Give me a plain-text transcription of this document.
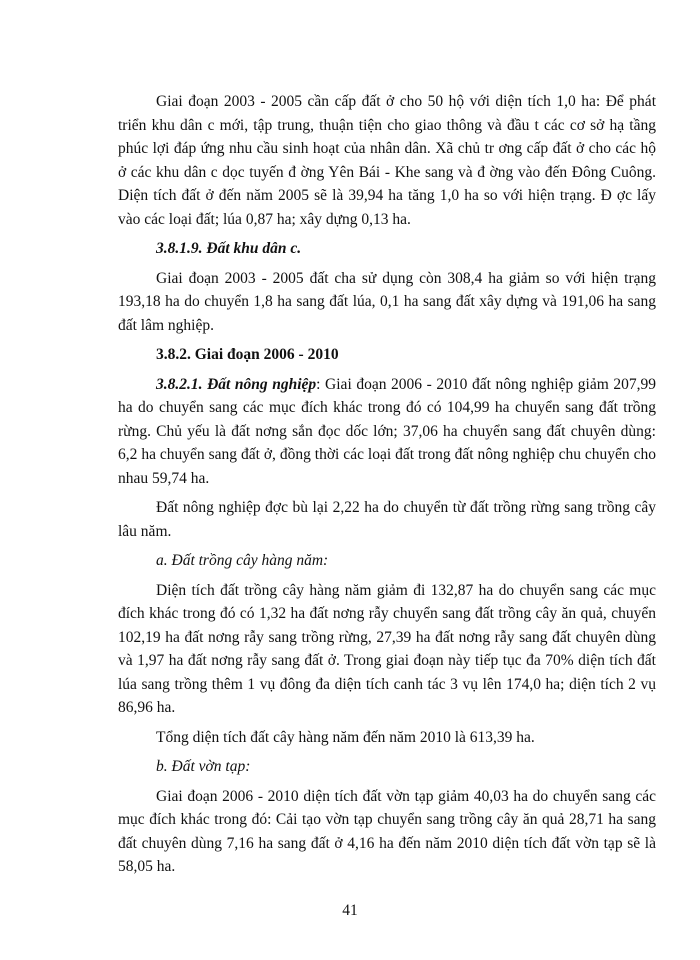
Giai đoạn 2003 - 2005 cần cấp đất ở cho 50 hộ với diện tích 1,0 ha: Để phát triển khu dân c mới, tập trung, thuận tiện cho giao thông và đầu t các cơ sở hạ tầng phúc lợi đáp ứng nhu cầu sinh hoạt của nhân dân. Xã chủ tr ơng cấp đất ở cho các hộ ở các khu dân c dọc tuyến đ ờng Yên Bái - Khe sang và đ ờng vào đến Đông Cuông. Diện tích đất ở đến năm 2005 sẽ là 39,94 ha tăng 1,0 ha so với hiện trạng. Đ ợc lấy vào các loại đất; lúa 0,87 ha; xây dựng 0,13 ha.

3.8.1.9. Đất khu dân c.

Giai đoạn 2003 - 2005 đất cha sử dụng còn 308,4 ha giảm so với hiện trạng 193,18 ha do chuyển 1,8 ha sang đất lúa, 0,1 ha sang đất xây dựng và 191,06 ha sang đất lâm nghiệp.

3.8.2. Giai đoạn 2006 - 2010

3.8.2.1. Đất nông nghiệp: Giai đoạn 2006 - 2010 đất nông nghiệp giảm 207,99 ha do chuyển sang các mục đích khác trong đó có 104,99 ha chuyển sang đất trồng rừng. Chủ yếu là đất nơng sắn đọc dốc lớn; 37,06 ha chuyển sang đất chuyên dùng: 6,2 ha chuyển sang đất ở, đồng thời các loại đất trong đất nông nghiệp chu chuyển cho nhau 59,74 ha.

Đất nông nghiệp đợc bù lại 2,22 ha do chuyển từ đất trồng rừng sang trồng cây lâu năm.

a. Đất trồng cây hàng năm:

Diện tích đất trồng cây hàng năm giảm đi 132,87 ha do chuyển sang các mục đích khác trong đó có 1,32 ha đất nơng rẫy chuyển sang đất trồng cây ăn quả, chuyển 102,19 ha đất nơng rẫy sang trồng rừng, 27,39 ha đất nơng rẫy sang đất chuyên dùng và 1,97 ha đất nơng rẫy sang đất ở. Trong giai đoạn này tiếp tục đa 70% diện tích đất lúa sang trồng thêm 1 vụ đông đa diện tích canh tác 3 vụ lên 174,0 ha; diện tích 2 vụ 86,96 ha.

Tổng diện tích đất cây hàng năm đến năm 2010 là 613,39 ha.

b. Đất vờn tạp:

Giai đoạn 2006 - 2010 diện tích đất vờn tạp giảm 40,03 ha do chuyển sang các mục đích khác trong đó: Cải tạo vờn tạp chuyển sang trồng cây ăn quả 28,71 ha sang đất chuyên dùng 7,16 ha sang đất ở 4,16 ha đến năm 2010 diện tích đất vờn tạp sẽ là 58,05 ha.

41
